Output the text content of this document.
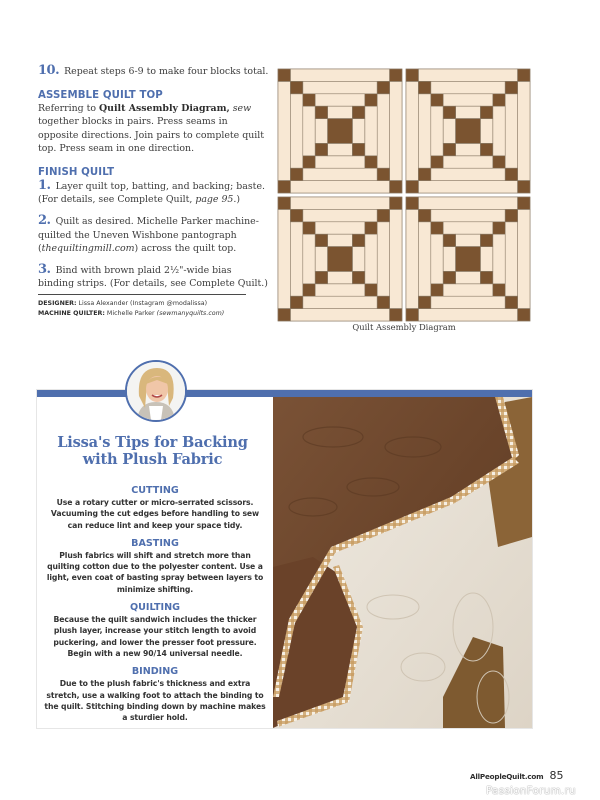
10. Repeat steps 6-9 to make four blocks total.

ASSEMBLE QUILT TOP

Referring to Quilt Assembly Diagram, sew together blocks in pairs. Press seams in opposite directions. Join pairs to complete quilt top. Press seam in one direction.

FINISH QUILT

1. Layer quilt top, batting, and backing; baste. (For details, see Complete Quilt, page 95.)

2. Quilt as desired. Michelle Parker machine-quilted the Uneven Wishbone pantograph (thequiltingmill.com) across the quilt top.

3. Bind with brown plaid 2½"-wide bias binding strips. (For details, see Complete Quilt.)

DESIGNER: Lissa Alexander (Instagram @modalissa)
MACHINE QUILTER: Michelle Parker (sewmanyquilts.com)
Quilt Assembly Diagram
Lissa's Tips for Backing
with Plush Fabric
CUTTING
Use a rotary cutter or micro-serrated scissors. Vacuuming the cut edges before handling to sew can reduce lint and keep your space tidy.
BASTING
Plush fabrics will shift and stretch more than quilting cotton due to the polyester content. Use a light, even coat of basting spray between layers to minimize shifting.
QUILTING
Because the quilt sandwich includes the thicker plush layer, increase your stitch length to avoid puckering, and lower the presser foot pressure. Begin with a new 90/14 universal needle.
BINDING
Due to the plush fabric's thickness and extra stretch, use a walking foot to attach the binding to the quilt. Stitching binding down by machine makes a sturdier hold.
AllPeopleQuilt.com 85
PassionForum.ru
